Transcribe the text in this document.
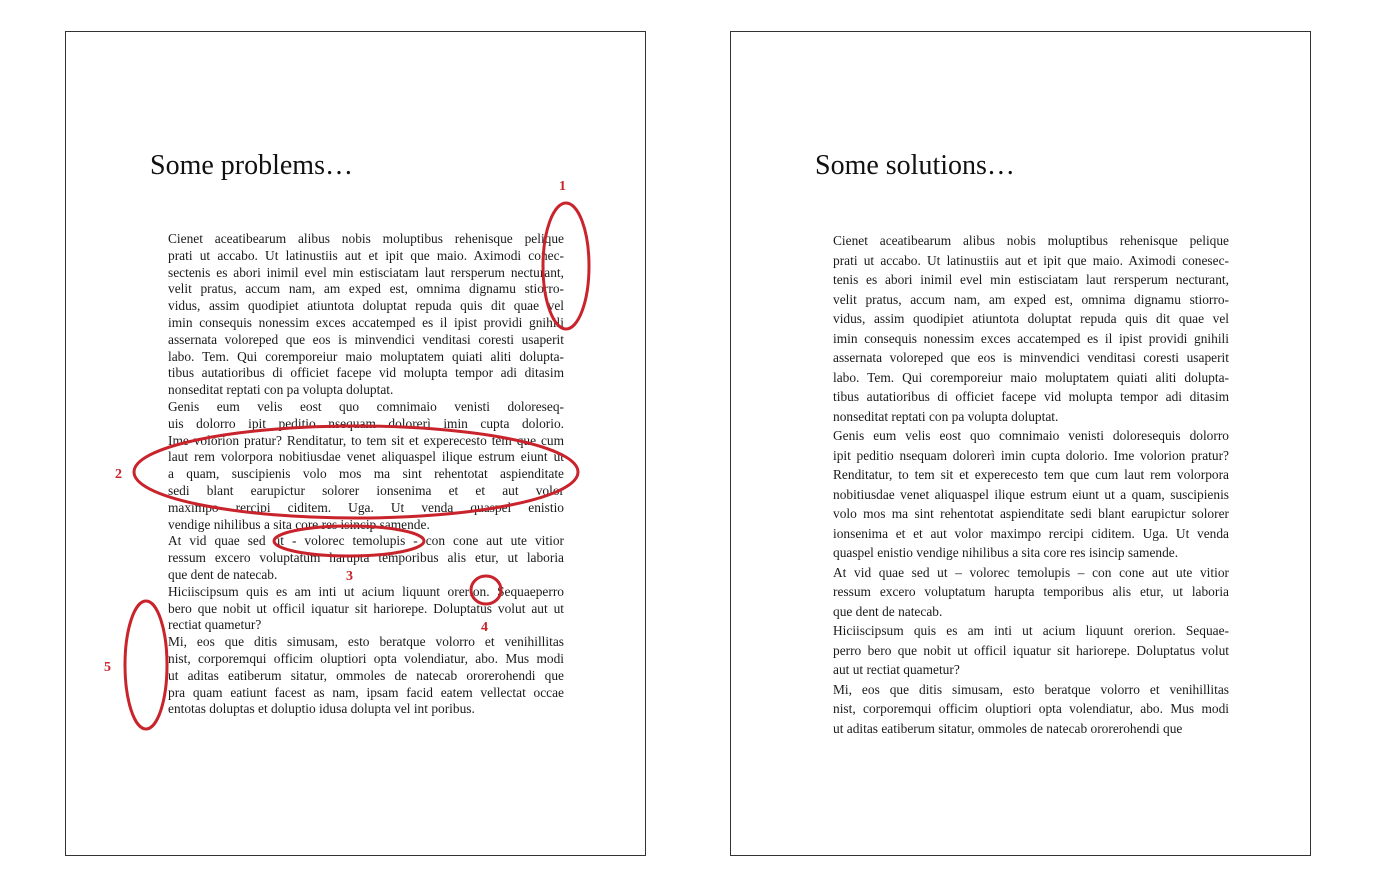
Some problems…

Cienet aceatibearum alibus nobis moluptibus rehenisque pelique
prati ut accabo. Ut latinustiis aut et ipit que maio. Aximodi conec-
sectenis es abori inimil evel min estisciatam laut rersperum necturant,
velit pratus, accum nam, am exped est, omnima dignamu stiorro-
vidus, assim quodipiet atiuntota doluptat repuda quis dit quae vel
imin consequis nonessim exces accatemped es il ipist providi gnihili
assernata voloreped que eos is minvendici venditasi coresti usaperit
labo. Tem. Qui coremporeiur maio moluptatem quiati aliti dolupta-
tibus autatioribus di officiet facepe vid molupta tempor adi ditasim
nonseditat reptati con pa volupta doluptat.

Genis eum velis eost quo comnimaio venisti doloreseq-
uis dolorro ipit peditio nsequam dolorerì imin cupta dolorio.
Ime volorion pratur? Renditatur, to tem sit et experecesto tem que cum
laut rem volorpora nobitiusdae venet aliquaspel ilique estrum eiunt ut
a quam, suscipienis volo mos ma sint rehentotat aspienditate
sedi blant earupictur solorer ionsenima et et aut volor
maximpo rercipi ciditem. Uga. Ut venda quaspel enistio
vendige nihilibus a sita core res isincip samende.

At vid quae sed ut - volorec temolupis - con cone aut ute vitior
ressum excero voluptatum harupta temporibus alis etur, ut laboria
que dent de natecab.

Hiciiscipsum quis es am inti ut acium liquunt orerion. Sequaeperro
bero que nobit ut officil iquatur sit hariorepe. Doluptatus volut aut ut
rectiat quametur?

Mi, eos que ditis simusam, esto beratque volorro et venihillitas
nist, corporemqui officim oluptiori opta volendiatur, abo. Mus modi
ut aditas eatiberum sitatur, ommoles de natecab ororerohendi que
pra quam eatiunt facest as nam, ipsam facid eatem vellectat occae
entotas doluptas et doluptio idusa dolupta vel int poribus.

Some solutions…

Cienet aceatibearum alibus nobis moluptibus rehenisque pelique
prati ut accabo. Ut latinustiis aut et ipit que maio. Aximodi conesec-
tenis es abori inimil evel min estisciatam laut rersperum necturant,
velit pratus, accum nam, am exped est, omnima dignamu stiorro-
vidus, assim quodipiet atiuntota doluptat repuda quis dit quae vel
imin consequis nonessim exces accatemped es il ipist providi gnihili
assernata voloreped que eos is minvendici venditasi coresti usaperit
labo. Tem. Qui coremporeiur maio moluptatem quiati aliti dolupta-
tibus autatioribus di officiet facepe vid molupta tempor adi ditasim
nonseditat reptati con pa volupta doluptat.

Genis eum velis eost quo comnimaio venisti doloresequis dolorro
ipit peditio nsequam dolorerì imin cupta dolorio. Ime volorion pratur?
Renditatur, to tem sit et experecesto tem que cum laut rem volorpora
nobitiusdae venet aliquaspel ilique estrum eiunt ut a quam, suscipienis
volo mos ma sint rehentotat aspienditate sedi blant earupictur solorer
ionsenima et et aut volor maximpo rercipi ciditem. Uga. Ut venda
quaspel enistio vendige nihilibus a sita core res isincip samende.

At vid quae sed ut – volorec temolupis – con cone aut ute vitior
ressum excero voluptatum harupta temporibus alis etur, ut laboria
que dent de natecab.

Hiciiscipsum quis es am inti ut acium liquunt orerion. Sequae-
perro bero que nobit ut officil iquatur sit hariorepe. Doluptatus volut
aut ut rectiat quametur?

Mi, eos que ditis simusam, esto beratque volorro et venihillitas
nist, corporemqui officim oluptiori opta volendiatur, abo. Mus modi
ut aditas eatiberum sitatur, ommoles de natecab ororerohendi que

1
2
3
4
5
